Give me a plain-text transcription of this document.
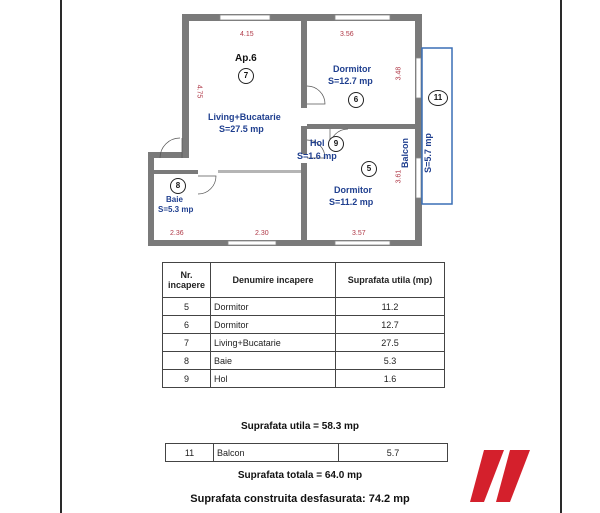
Ap.6
7
Living+Bucatarie
S=27.5 mp
Dormitor
S=12.7 mp
6
9
Hol
S=1.6 mp
5
Dormitor
S=11.2 mp
8
Baie
S=5.3 mp
11
Balcon S=5.7 mp
4.15	3.56
4.75
3.48
3.61
2.36	2.30	3.57
Nr. incapere	Denumire incapere	Suprafata utila (mp)
5	Dormitor	11.2
6	Dormitor	12.7
7	Living+Bucatarie	27.5
8	Baie	5.3
9	Hol	1.6
Suprafata utila = 58.3 mp
11	Balcon	5.7
Suprafata totala = 64.0 mp
Suprafata construita desfasurata: 74.2 mp
